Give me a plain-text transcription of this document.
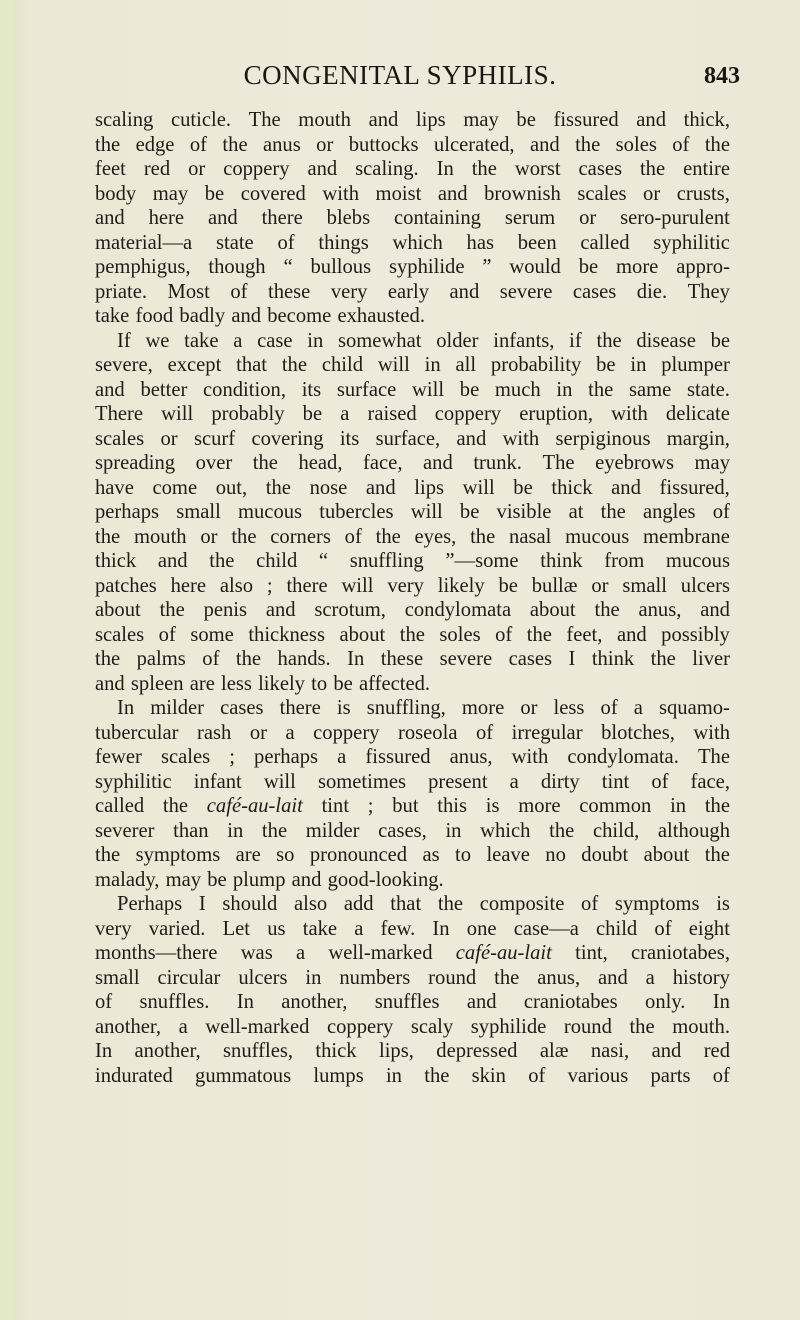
CONGENITAL SYPHILIS.	843
scaling cuticle. The mouth and lips may be fissured and thick,
the edge of the anus or buttocks ulcerated, and the soles of the
feet red or coppery and scaling. In the worst cases the entire
body may be covered with moist and brownish scales or crusts,
and here and there blebs containing serum or sero-purulent
material—a state of things which has been called syphilitic
pemphigus, though “ bullous syphilide ” would be more appro-
priate. Most of these very early and severe cases die. They
take food badly and become exhausted.
If we take a case in somewhat older infants, if the disease be
severe, except that the child will in all probability be in plumper
and better condition, its surface will be much in the same state.
There will probably be a raised coppery eruption, with delicate
scales or scurf covering its surface, and with serpiginous margin,
spreading over the head, face, and trunk. The eyebrows may
have come out, the nose and lips will be thick and fissured,
perhaps small mucous tubercles will be visible at the angles of
the mouth or the corners of the eyes, the nasal mucous membrane
thick and the child “ snuffling ”—some think from mucous
patches here also ; there will very likely be bullæ or small ulcers
about the penis and scrotum, condylomata about the anus, and
scales of some thickness about the soles of the feet, and possibly
the palms of the hands. In these severe cases I think the liver
and spleen are less likely to be affected.
In milder cases there is snuffling, more or less of a squamo-
tubercular rash or a coppery roseola of irregular blotches, with
fewer scales ; perhaps a fissured anus, with condylomata. The
syphilitic infant will sometimes present a dirty tint of face,
called the café-au-lait tint ; but this is more common in the
severer than in the milder cases, in which the child, although
the symptoms are so pronounced as to leave no doubt about the
malady, may be plump and good-looking.
Perhaps I should also add that the composite of symptoms is
very varied. Let us take a few. In one case—a child of eight
months—there was a well-marked café-au-lait tint, craniotabes,
small circular ulcers in numbers round the anus, and a history
of snuffles. In another, snuffles and craniotabes only. In
another, a well-marked coppery scaly syphilide round the mouth.
In another, snuffles, thick lips, depressed alæ nasi, and red
indurated gummatous lumps in the skin of various parts of
